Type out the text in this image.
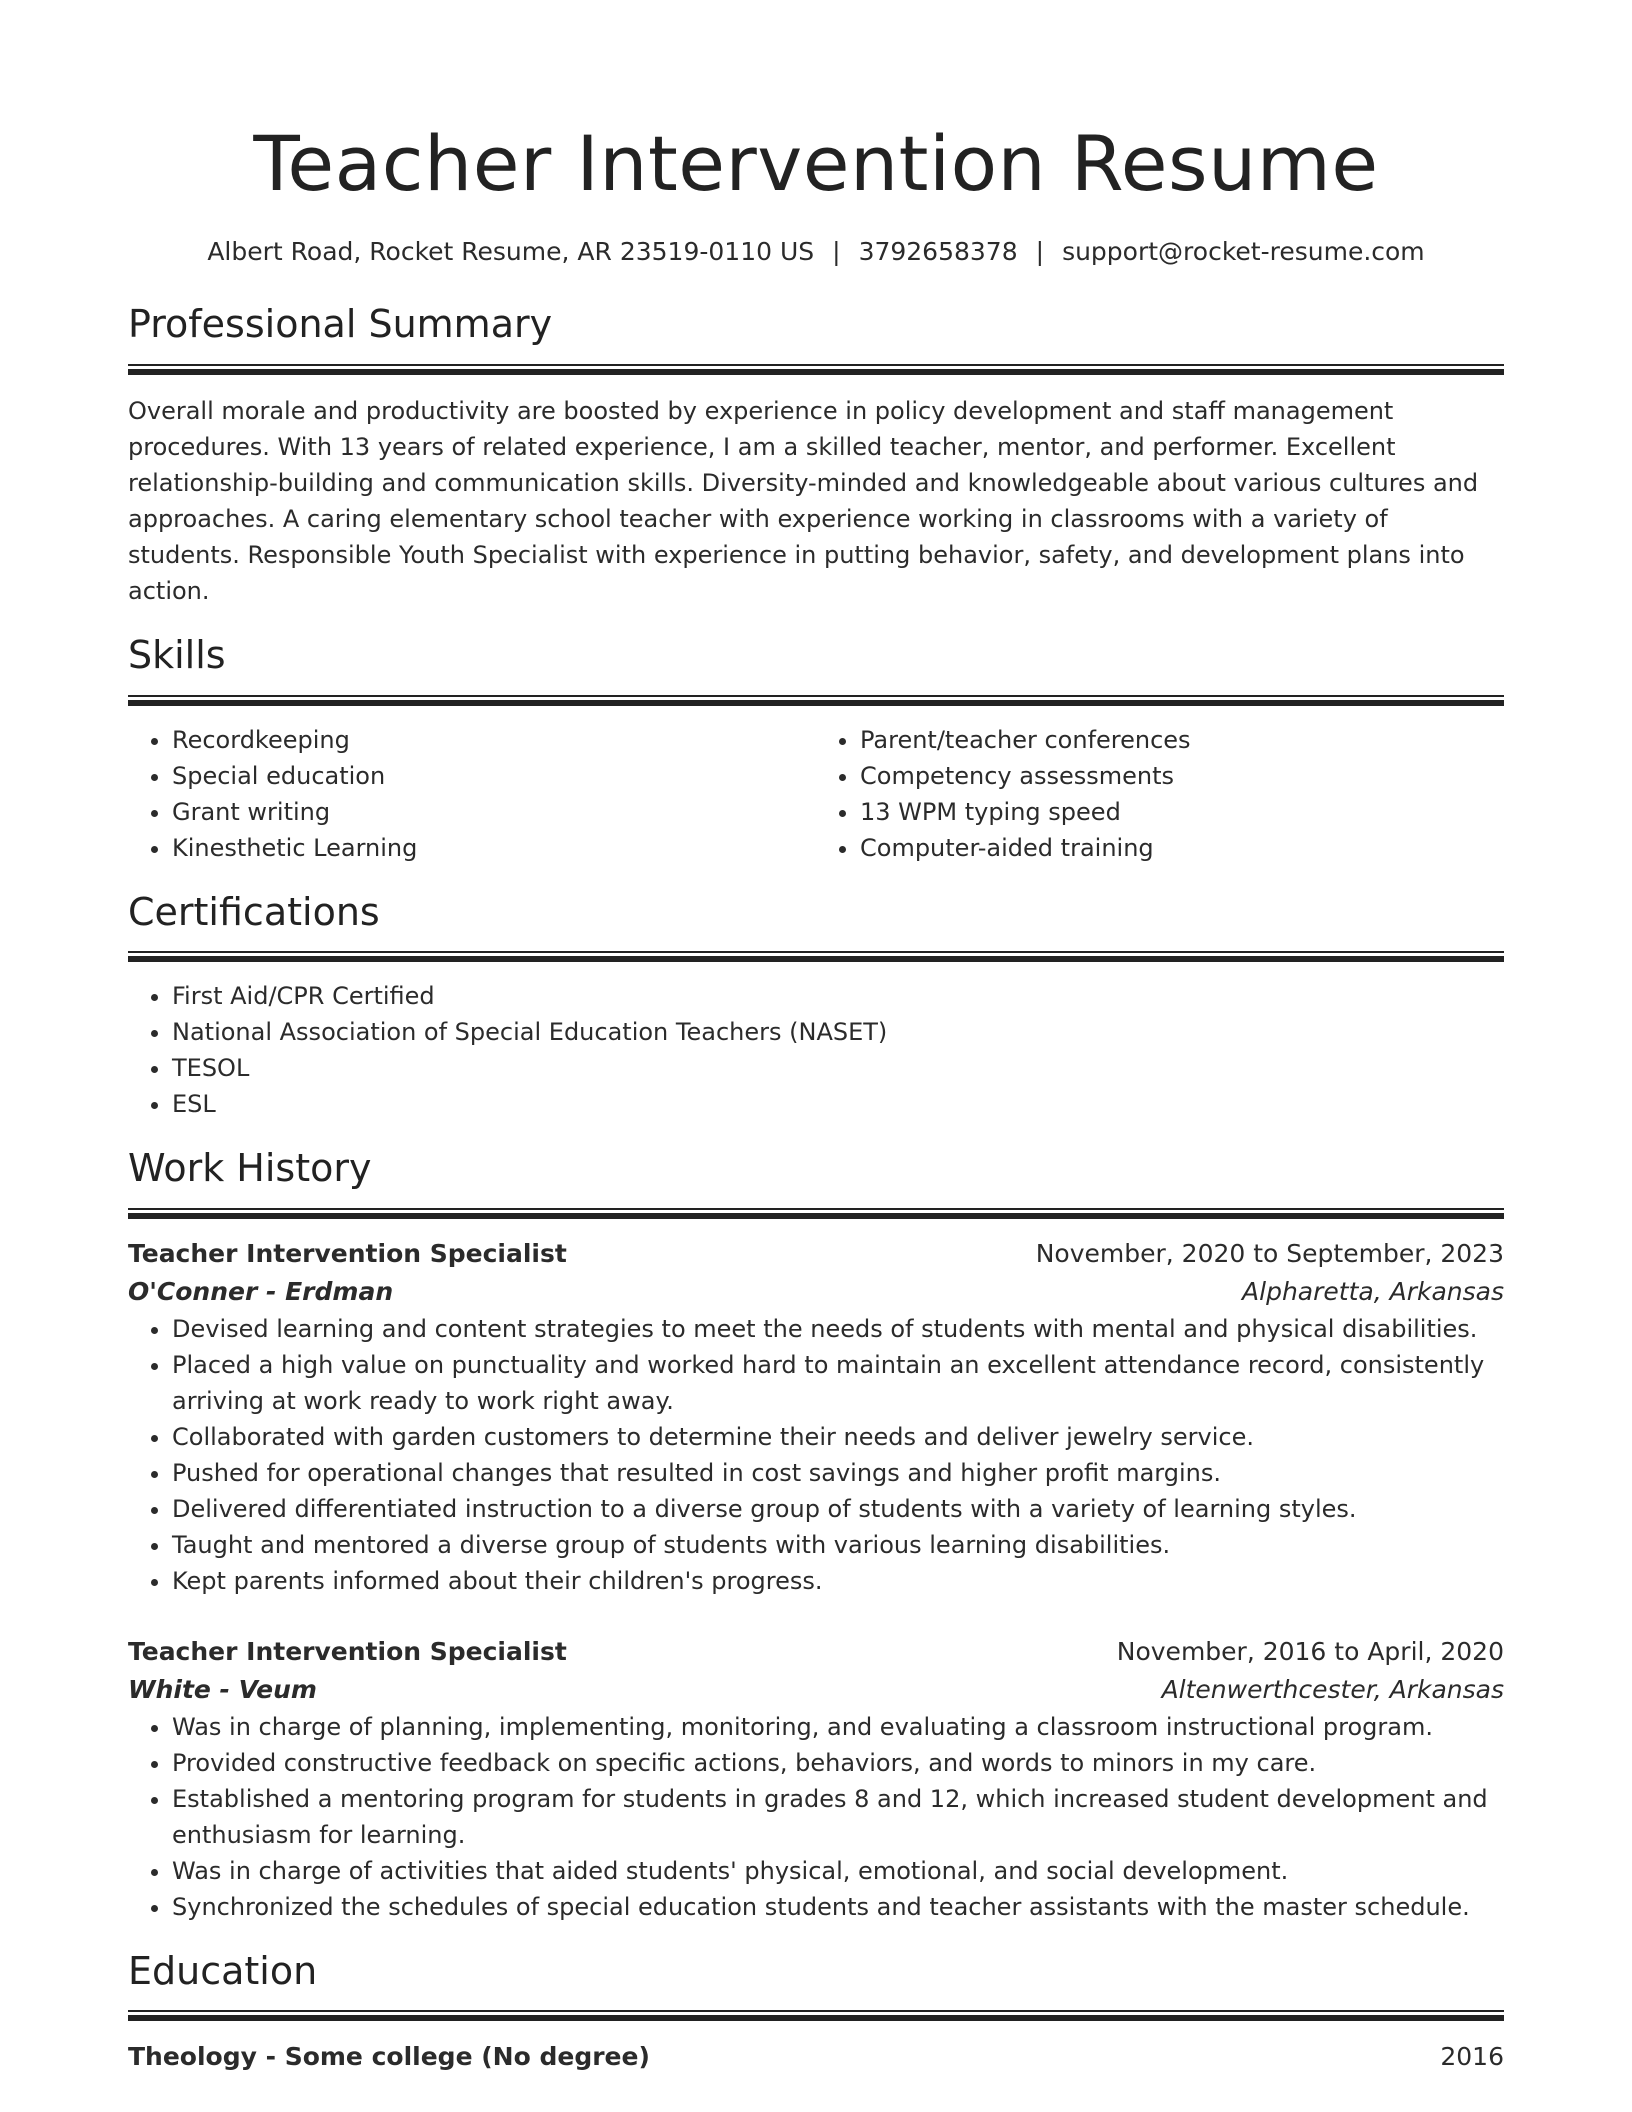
Teacher Intervention Resume
Albert Road, Rocket Resume, AR 23519-0110 US | 3792658378 | support@rocket-resume.com
Professional Summary

Overall morale and productivity are boosted by experience in policy development and staff management procedures. With 13 years of related experience, I am a skilled teacher, mentor, and performer. Excellent relationship-building and communication skills. Diversity-minded and knowledgeable about various cultures and approaches. A caring elementary school teacher with experience working in classrooms with a variety of students. Responsible Youth Specialist with experience in putting behavior, safety, and development plans into action.

Skills
• Recordkeeping
• Special education
• Grant writing
• Kinesthetic Learning
• Parent/teacher conferences
• Competency assessments
• 13 WPM typing speed
• Computer-aided training
Certifications
• First Aid/CPR Certified
• National Association of Special Education Teachers (NASET)
• TESOL
• ESL
Work History
Teacher Intervention Specialist	November, 2020 to September, 2023
O'Conner - Erdman	Alpharetta, Arkansas
• Devised learning and content strategies to meet the needs of students with mental and physical disabilities.
• Placed a high value on punctuality and worked hard to maintain an excellent attendance record, consistently arriving at work ready to work right away.
• Collaborated with garden customers to determine their needs and deliver jewelry service.
• Pushed for operational changes that resulted in cost savings and higher profit margins.
• Delivered differentiated instruction to a diverse group of students with a variety of learning styles.
• Taught and mentored a diverse group of students with various learning disabilities.
• Kept parents informed about their children's progress.
Teacher Intervention Specialist	November, 2016 to April, 2020
White - Veum	Altenwerthcester, Arkansas
• Was in charge of planning, implementing, monitoring, and evaluating a classroom instructional program.
• Provided constructive feedback on specific actions, behaviors, and words to minors in my care.
• Established a mentoring program for students in grades 8 and 12, which increased student development and enthusiasm for learning.
• Was in charge of activities that aided students' physical, emotional, and social development.
• Synchronized the schedules of special education students and teacher assistants with the master schedule.
Education
Theology - Some college (No degree)	2016
